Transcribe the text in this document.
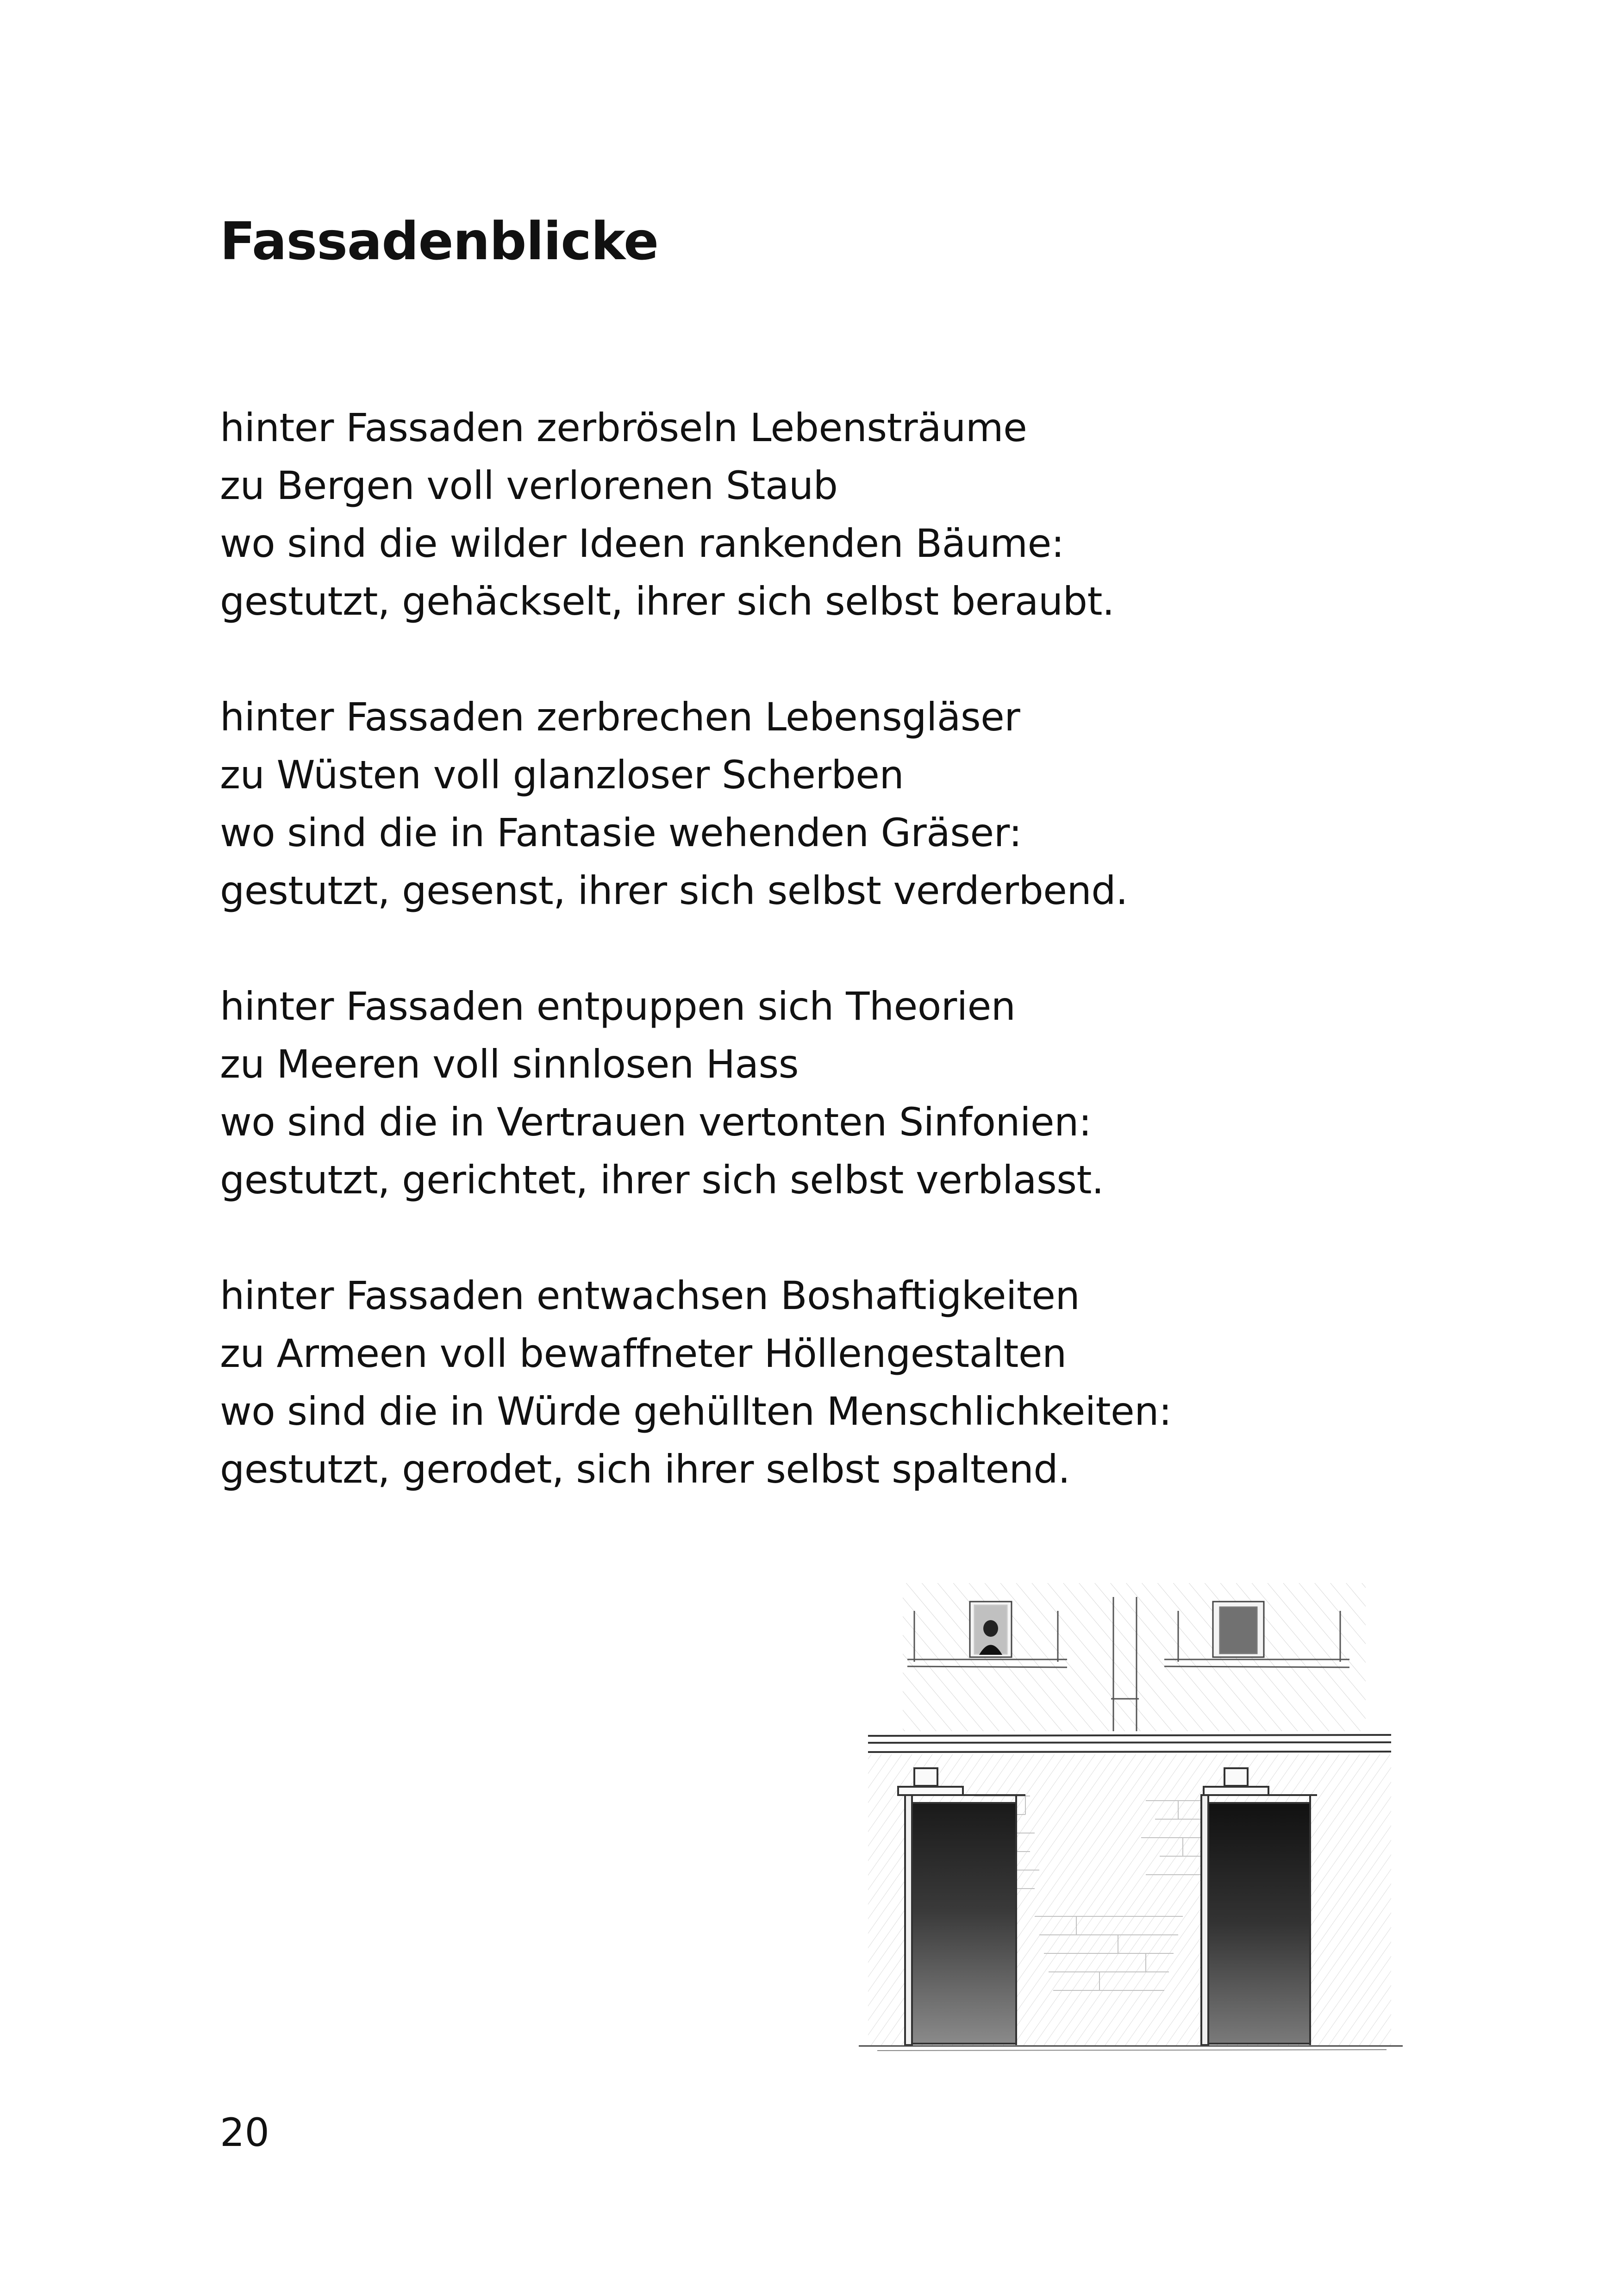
Fassadenblicke
hinter Fassaden zerbröseln Lebensträume
zu Bergen voll verlorenen Staub
wo sind die wilder Ideen rankenden Bäume:
gestutzt, gehäckselt, ihrer sich selbst beraubt.
hinter Fassaden zerbrechen Lebensgläser
zu Wüsten voll glanzloser Scherben
wo sind die in Fantasie wehenden Gräser:
gestutzt, gesenst, ihrer sich selbst verderbend.
hinter Fassaden entpuppen sich Theorien
zu Meeren voll sinnlosen Hass
wo sind die in Vertrauen vertonten Sinfonien:
gestutzt, gerichtet, ihrer sich selbst verblasst.
hinter Fassaden entwachsen Boshaftigkeiten
zu Armeen voll bewaffneter Höllengestalten
wo sind die in Würde gehüllten Menschlichkeiten:
gestutzt, gerodet, sich ihrer selbst spaltend.
20
